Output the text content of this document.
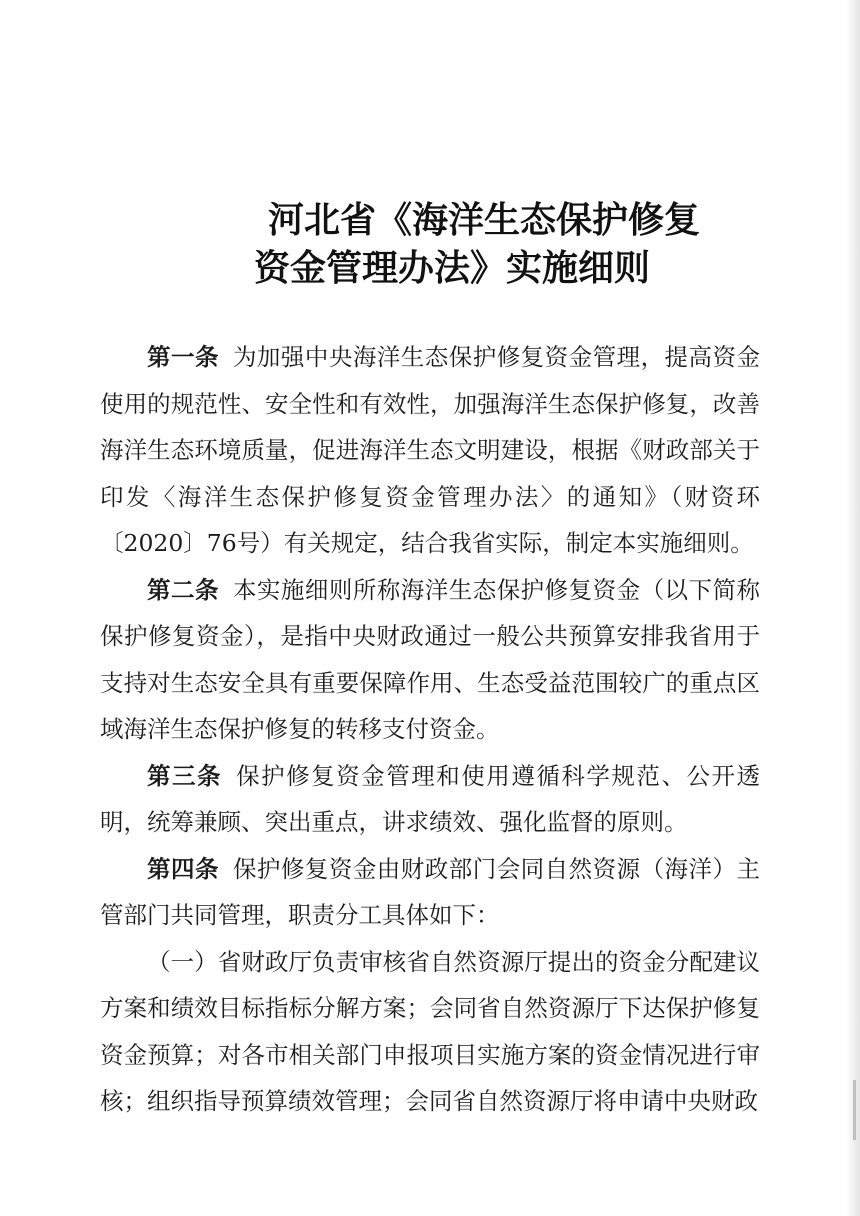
河北省《海洋生态保护修复
资金管理办法》实施细则

第一条 为加强中央海洋生态保护修复资金管理，提高资金使用的规范性、安全性和有效性，加强海洋生态保护修复，改善海洋生态环境质量，促进海洋生态文明建设，根据《财政部关于印发〈海洋生态保护修复资金管理办法〉的通知》（财资环〔2020〕76号）有关规定，结合我省实际，制定本实施细则。

第二条 本实施细则所称海洋生态保护修复资金（以下简称保护修复资金），是指中央财政通过一般公共预算安排我省用于支持对生态安全具有重要保障作用、生态受益范围较广的重点区域海洋生态保护修复的转移支付资金。

第三条 保护修复资金管理和使用遵循科学规范、公开透明，统筹兼顾、突出重点，讲求绩效、强化监督的原则。

第四条 保护修复资金由财政部门会同自然资源（海洋）主管部门共同管理，职责分工具体如下：

（一）省财政厅负责审核省自然资源厅提出的资金分配建议方案和绩效目标指标分解方案；会同省自然资源厅下达保护修复资金预算；对各市相关部门申报项目实施方案的资金情况进行审核；组织指导预算绩效管理；会同省自然资源厅将申请中央财政
